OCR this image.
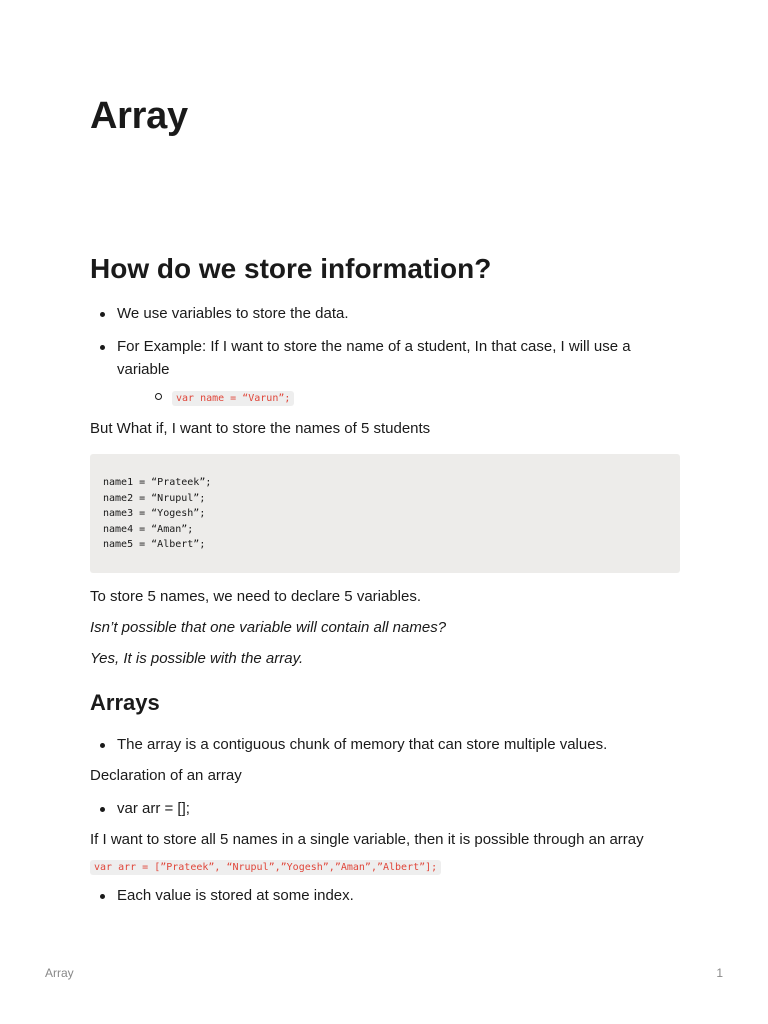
Array
How do we store information?
We use variables to store the data.
For Example: If I want to store the name of a student, In that case, I will use a variable
var name = “Varun”;

But What if, I want to store the names of 5 students

name1 = “Prateek”;
name2 = “Nrupul”;
name3 = “Yogesh”;
name4 = “Aman”;
name5 = “Albert”;

To store 5 names, we need to declare 5 variables.

Isn’t possible that one variable will contain all names?

Yes, It is possible with the array.

Arrays
The array is a contiguous chunk of memory that can store multiple values.

Declaration of an array

var arr = [];

If I want to store all 5 names in a single variable, then it is possible through an array

var arr = [”Prateek”, “Nrupul”,”Yogesh”,”Aman”,”Albert”];
Each value is stored at some index.
Array	1
